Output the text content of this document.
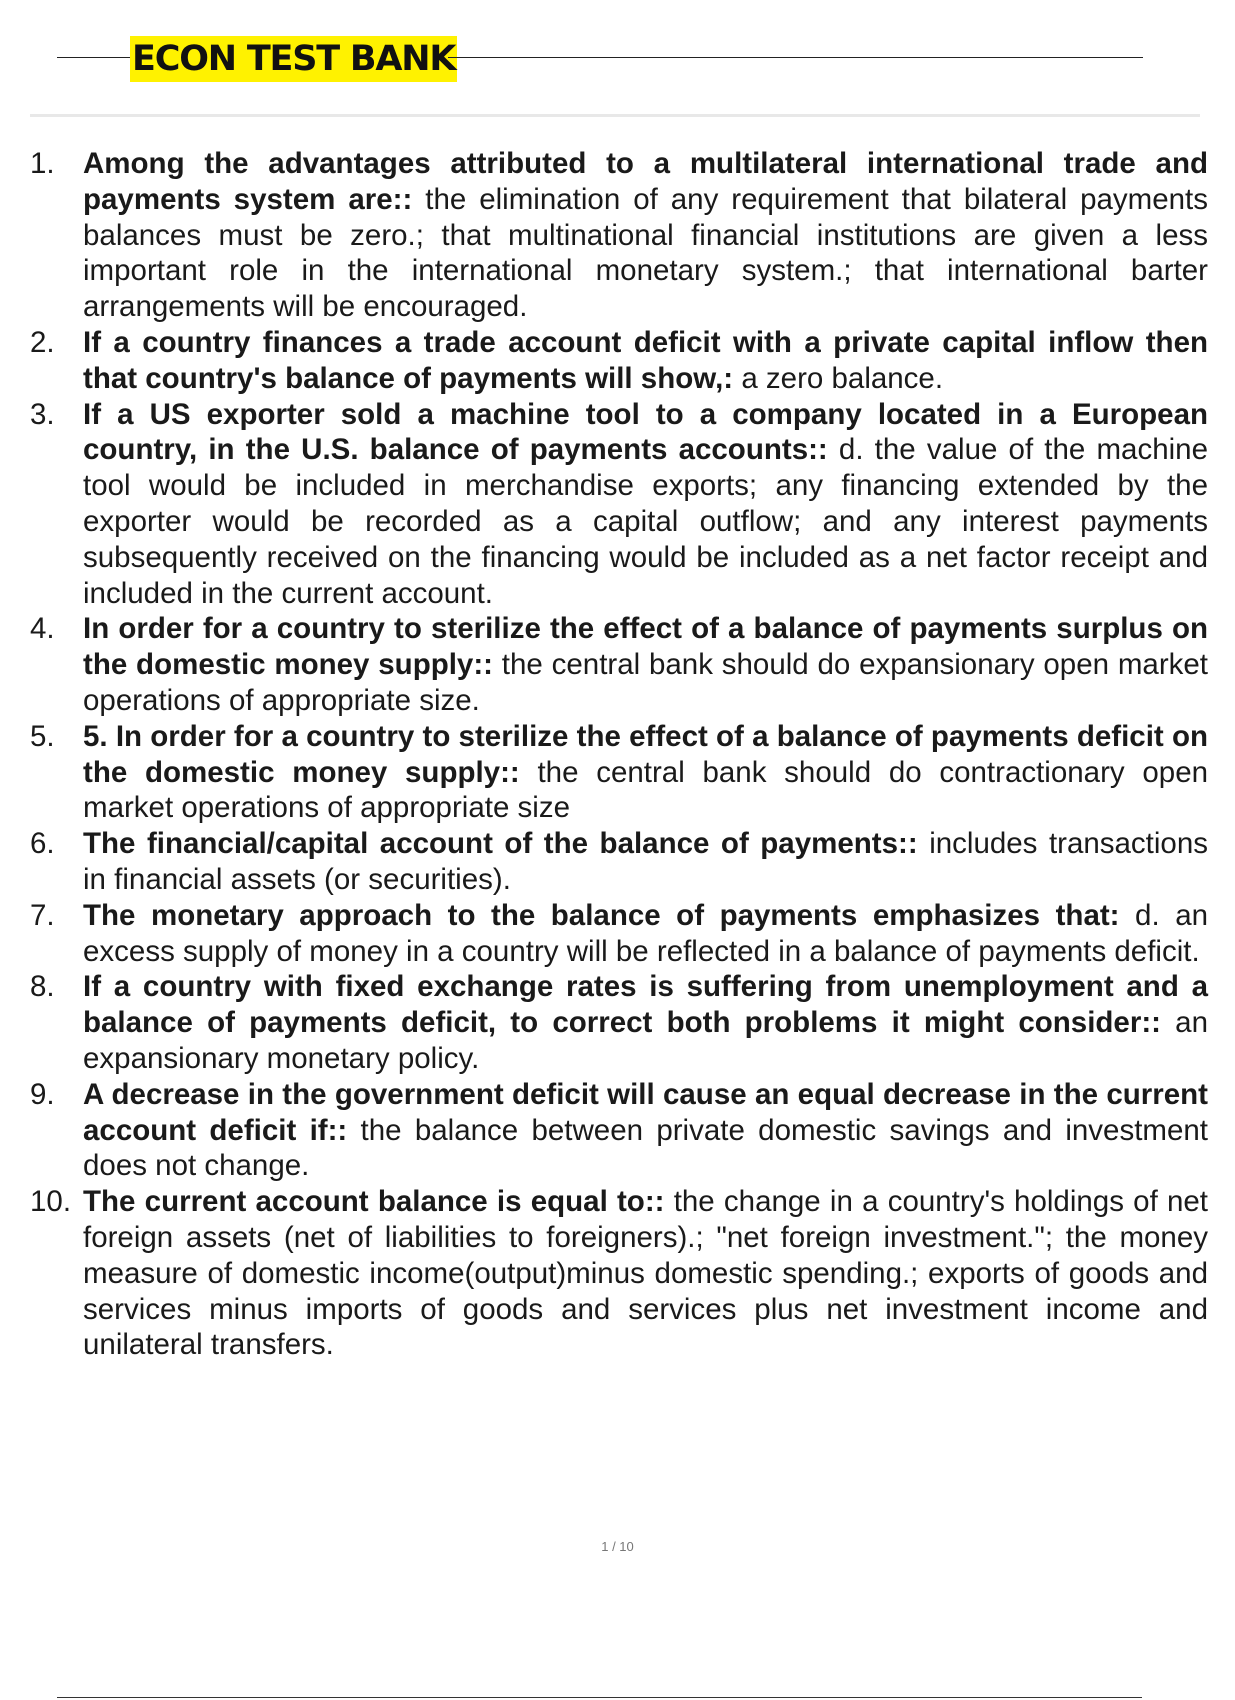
ECON TEST BANK
1. Among the advantages attributed to a multilateral international trade and payments system are:: the elimination of any requirement that bilateral payments balances must be zero.; that multinational financial institutions are given a less important role in the international monetary system.; that international barter arrangements will be encouraged.
2. If a country finances a trade account deficit with a private capital inflow then that country's balance of payments will show,: a zero balance.
3. If a US exporter sold a machine tool to a company located in a European country, in the U.S. balance of payments accounts:: d. the value of the machine tool would be included in merchandise exports; any financing extended by the exporter would be recorded as a capital outflow; and any interest payments subsequently received on the financing would be included as a net factor receipt and included in the current account.
4. In order for a country to sterilize the effect of a balance of payments surplus on the domestic money supply:: the central bank should do expansionary open market operations of appropriate size.
5. 5. In order for a country to sterilize the effect of a balance of payments deficit on the domestic money supply:: the central bank should do contractionary open market operations of appropriate size
6. The financial/capital account of the balance of payments:: includes transactions in financial assets (or securities).
7. The monetary approach to the balance of payments emphasizes that: d. an excess supply of money in a country will be reflected in a balance of payments deficit.
8. If a country with fixed exchange rates is suffering from unemployment and a balance of payments deficit, to correct both problems it might consider:: an expansionary monetary policy.
9. A decrease in the government deficit will cause an equal decrease in the current account deficit if:: the balance between private domestic savings and investment does not change.
10. The current account balance is equal to:: the change in a country's holdings of net foreign assets (net of liabilities to foreigners).; "net foreign investment."; the money measure of domestic income(output)minus domestic spending.; exports of goods and services minus imports of goods and services plus net investment income and unilateral transfers.
1 / 10
